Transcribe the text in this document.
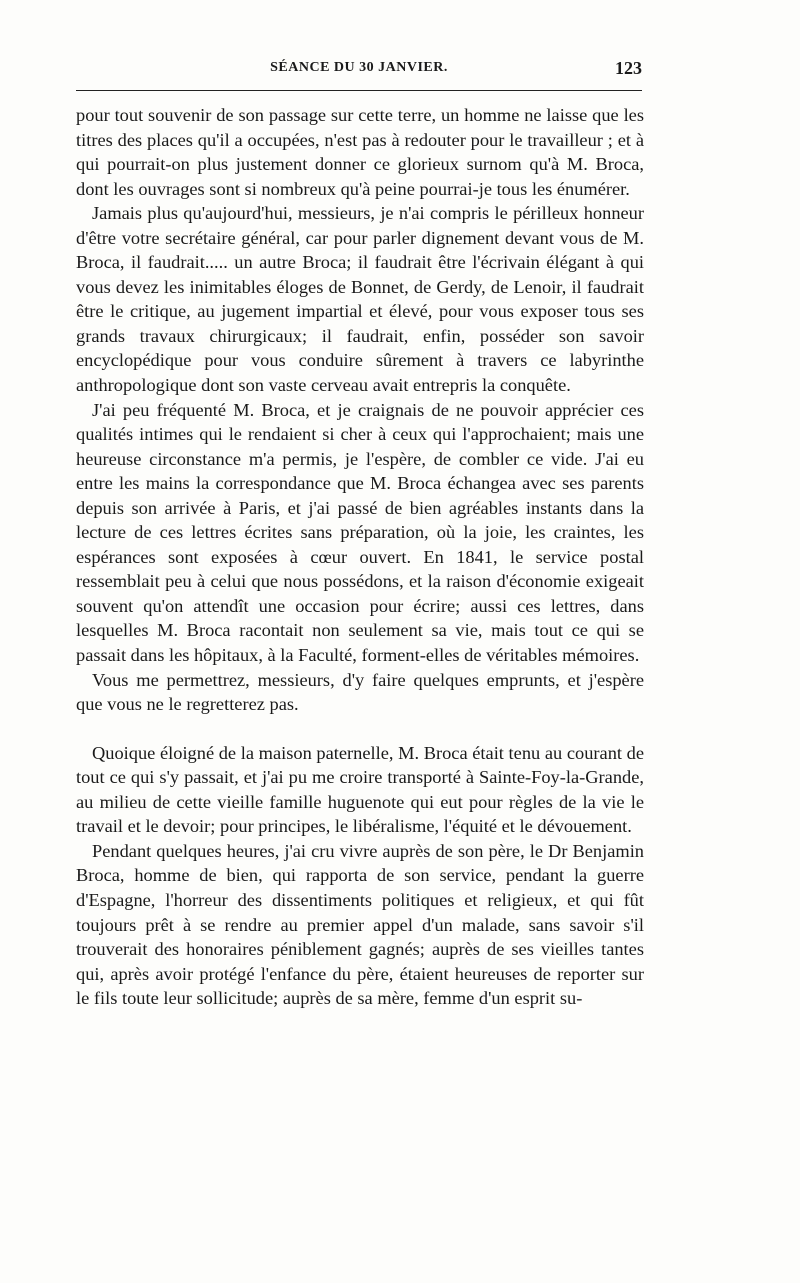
SÉANCE DU 30 JANVIER.	123

pour tout souvenir de son passage sur cette terre, un homme ne laisse que les titres des places qu'il a occupées, n'est pas à redouter pour le travailleur ; et à qui pourrait-on plus justement donner ce glorieux surnom qu'à M. Broca, dont les ouvrages sont si nombreux qu'à peine pourrai-je tous les énumérer.

Jamais plus qu'aujourd'hui, messieurs, je n'ai compris le périlleux honneur d'être votre secrétaire général, car pour parler dignement devant vous de M. Broca, il faudrait..... un autre Broca; il faudrait être l'écrivain élégant à qui vous devez les inimitables éloges de Bonnet, de Gerdy, de Lenoir, il faudrait être le critique, au jugement impartial et élevé, pour vous exposer tous ses grands travaux chirurgicaux; il faudrait, enfin, posséder son savoir encyclopédique pour vous conduire sûrement à travers ce labyrinthe anthropologique dont son vaste cerveau avait entrepris la conquête.

J'ai peu fréquenté M. Broca, et je craignais de ne pouvoir apprécier ces qualités intimes qui le rendaient si cher à ceux qui l'approchaient; mais une heureuse circonstance m'a permis, je l'espère, de combler ce vide. J'ai eu entre les mains la correspondance que M. Broca échangea avec ses parents depuis son arrivée à Paris, et j'ai passé de bien agréables instants dans la lecture de ces lettres écrites sans préparation, où la joie, les craintes, les espérances sont exposées à cœur ouvert. En 1841, le service postal ressemblait peu à celui que nous possédons, et la raison d'économie exigeait souvent qu'on attendît une occasion pour écrire; aussi ces lettres, dans lesquelles M. Broca racontait non seulement sa vie, mais tout ce qui se passait dans les hôpitaux, à la Faculté, forment-elles de véritables mémoires.

Vous me permettrez, messieurs, d'y faire quelques emprunts, et j'espère que vous ne le regretterez pas.

Quoique éloigné de la maison paternelle, M. Broca était tenu au courant de tout ce qui s'y passait, et j'ai pu me croire transporté à Sainte-Foy-la-Grande, au milieu de cette vieille famille huguenote qui eut pour règles de la vie le travail et le devoir; pour principes, le libéralisme, l'équité et le dévouement.

Pendant quelques heures, j'ai cru vivre auprès de son père, le Dr Benjamin Broca, homme de bien, qui rapporta de son service, pendant la guerre d'Espagne, l'horreur des dissentiments politiques et religieux, et qui fût toujours prêt à se rendre au premier appel d'un malade, sans savoir s'il trouverait des honoraires péniblement gagnés; auprès de ses vieilles tantes qui, après avoir protégé l'enfance du père, étaient heureuses de reporter sur le fils toute leur sollicitude; auprès de sa mère, femme d'un esprit su-
